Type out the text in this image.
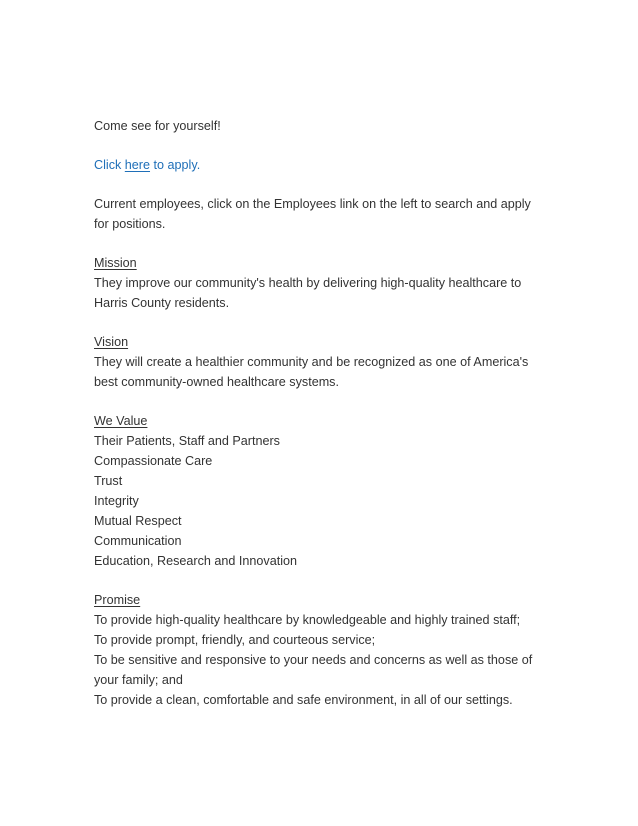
Come see for yourself!

Click here to apply.

Current employees, click on the Employees link on the left to search and apply

for positions.

Mission

They improve our community's health by delivering high-quality healthcare to

Harris County residents.

Vision

They will create a healthier community and be recognized as one of America's

best community-owned healthcare systems.

We Value

Their Patients, Staff and Partners

Compassionate Care

Trust

Integrity

Mutual Respect

Communication

Education, Research and Innovation

Promise

To provide high-quality healthcare by knowledgeable and highly trained staff;

To provide prompt, friendly, and courteous service;

To be sensitive and responsive to your needs and concerns as well as those of

your family; and

To provide a clean, comfortable and safe environment, in all of our settings.
